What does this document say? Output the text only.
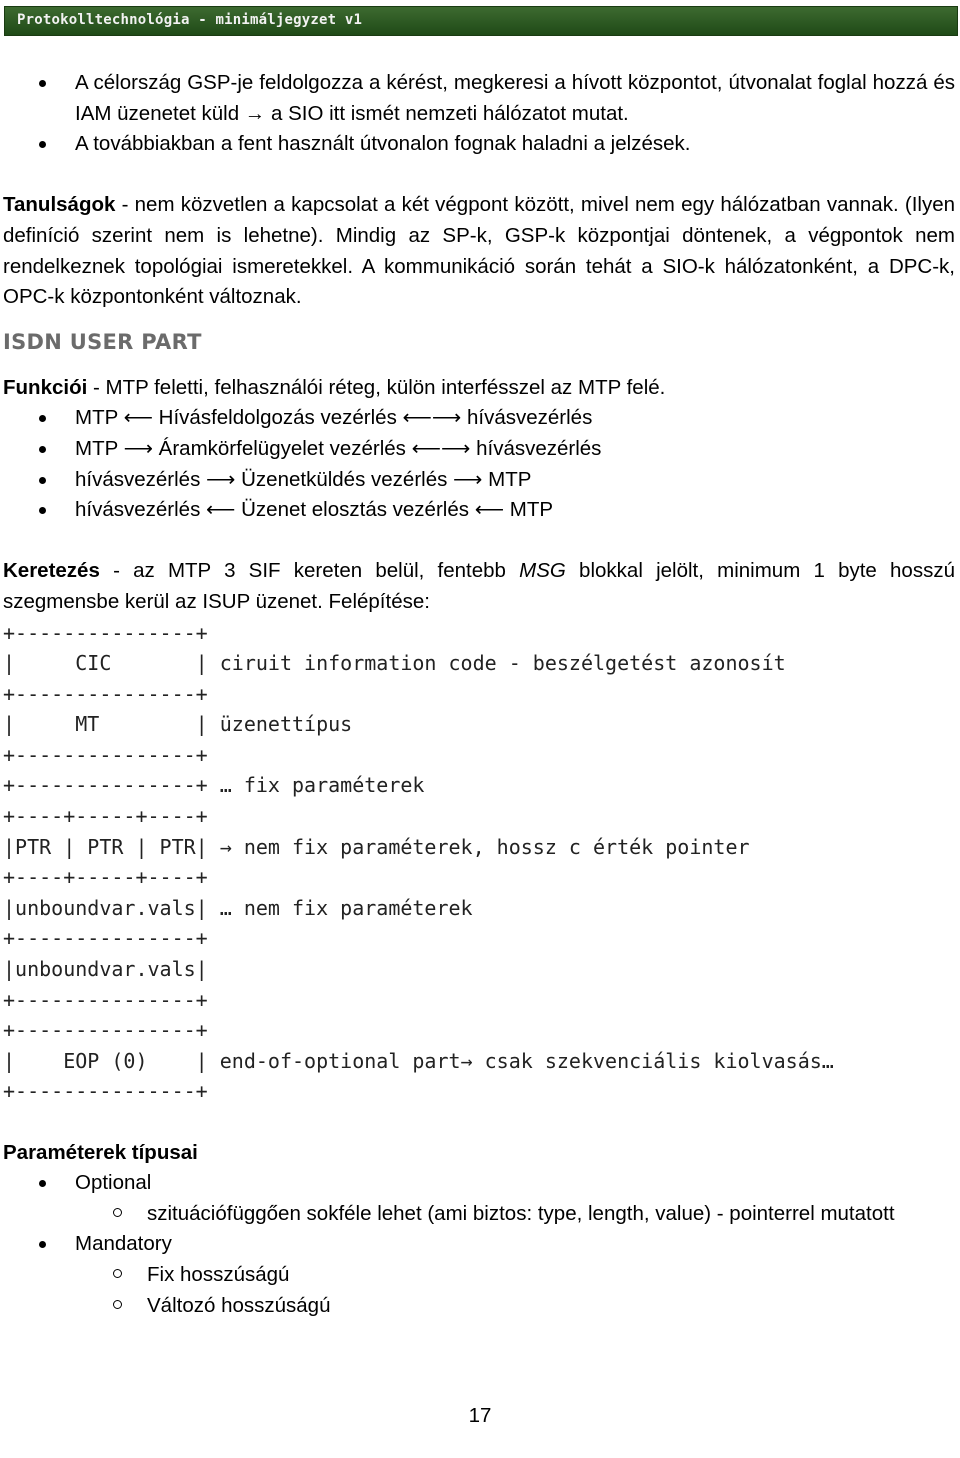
Protokolltechnológia - minimáljegyzet v1
A célország GSP-je feldolgozza a kérést, megkeresi a hívott központot, útvonalat foglal hozzá és IAM üzenetet küld → a SIO itt ismét nemzeti hálózatot mutat.
A továbbiakban a fent használt útvonalon fognak haladni a jelzések.

Tanulságok - nem közvetlen a kapcsolat a két végpont között, mivel nem egy hálózatban vannak. (Ilyen definíció szerint nem is lehetne). Mindig az SP-k, GSP-k központjai döntenek, a végpontok nem rendelkeznek topológiai ismeretekkel. A kommunikáció során tehát a SIO-k hálózatonként, a DPC-k, OPC-k központonként változnak.

ISDN USER PART

Funkciói - MTP feletti, felhasználói réteg, külön interfésszel az MTP felé.

MTP ⟵ Hívásfeldolgozás vezérlés ⟵⟶ hívásvezérlés
MTP ⟶ Áramkörfelügyelet vezérlés ⟵⟶ hívásvezérlés
hívásvezérlés ⟶ Üzenetküldés vezérlés ⟶ MTP
hívásvezérlés ⟵ Üzenet elosztás vezérlés ⟵ MTP

Keretezés - az MTP 3 SIF kereten belül, fentebb MSG blokkal jelölt, minimum 1 byte hosszú szegmensbe kerül az ISUP üzenet. Felépítése:

+---------------+
|     CIC       | ciruit information code - beszélgetést azonosít
+---------------+
|     MT        | üzenettípus
+---------------+
+---------------+ … fix paraméterek
+----+-----+----+
|PTR | PTR | PTR| → nem fix paraméterek, hossz c érték pointer
+----+-----+----+
|unboundvar.vals| … nem fix paraméterek
+---------------+
|unboundvar.vals|
+---------------+
+---------------+
|    EOP (0)    | end-of-optional part→ csak szekvenciális kiolvasás…
+---------------+

Paraméterek típusai

Optional
szituációfüggően sokféle lehet (ami biztos: type, length, value) - pointerrel mutatott
Mandatory
Fix hosszúságú
Változó hosszúságú
17
